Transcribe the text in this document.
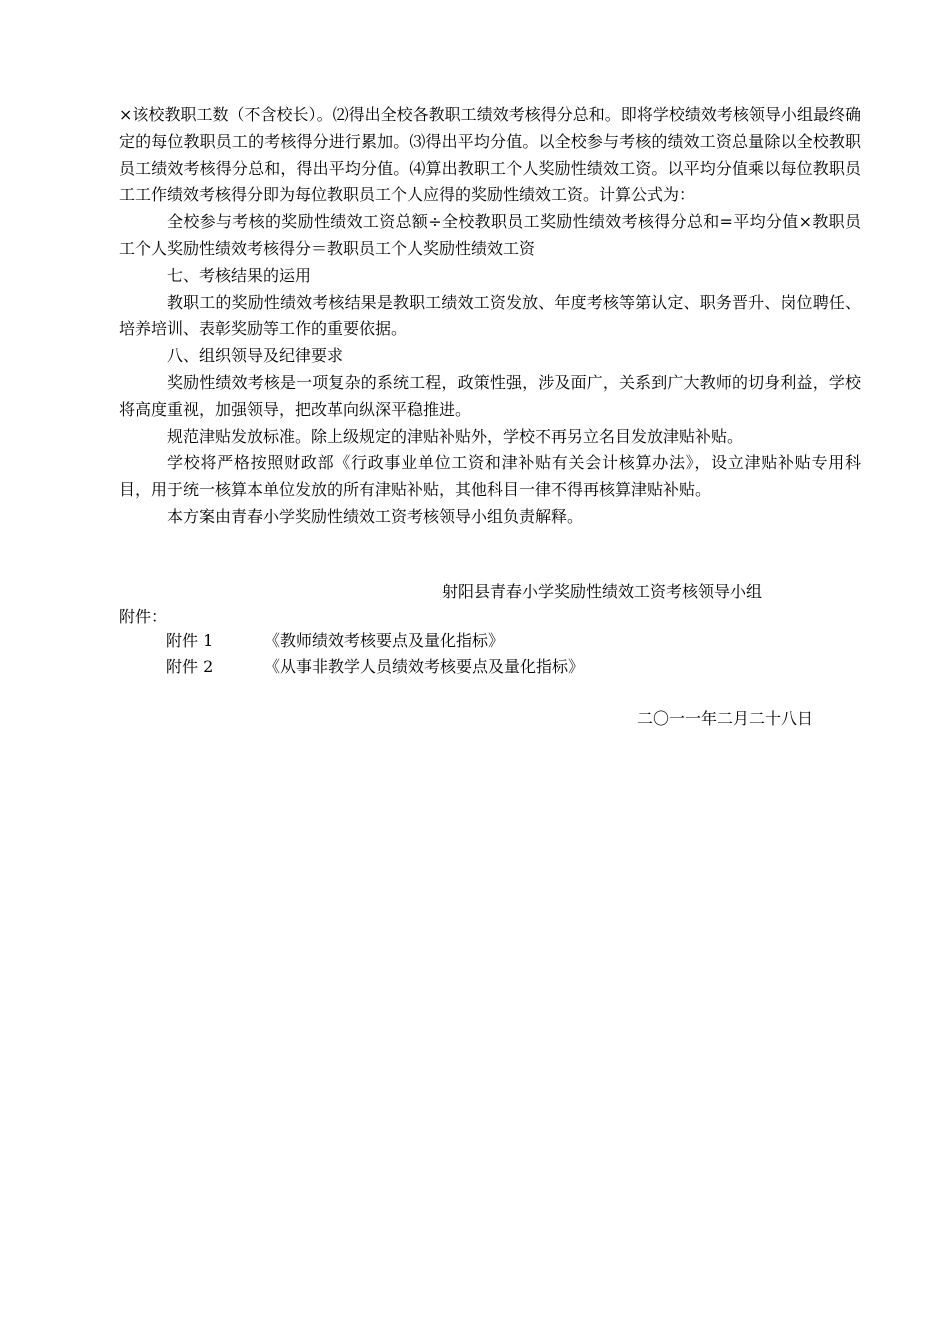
×该校教职工数（不含校长）。⑵得出全校各教职工绩效考核得分总和。即将学校绩效考核领导小组最终确定的每位教职员工的考核得分进行累加。⑶得出平均分值。以全校参与考核的绩效工资总量除以全校教职员工绩效考核得分总和，得出平均分值。⑷算出教职工个人奖励性绩效工资。以平均分值乘以每位教职员工工作绩效考核得分即为每位教职员工个人应得的奖励性绩效工资。计算公式为：

全校参与考核的奖励性绩效工资总额÷全校教职员工奖励性绩效考核得分总和=平均分值×教职员工个人奖励性绩效考核得分＝教职员工个人奖励性绩效工资

七、考核结果的运用

教职工的奖励性绩效考核结果是教职工绩效工资发放、年度考核等第认定、职务晋升、岗位聘任、培养培训、表彰奖励等工作的重要依据。

八、组织领导及纪律要求

奖励性绩效考核是一项复杂的系统工程，政策性强，涉及面广，关系到广大教师的切身利益，学校将高度重视，加强领导，把改革向纵深平稳推进。

规范津贴发放标准。除上级规定的津贴补贴外，学校不再另立名目发放津贴补贴。

学校将严格按照财政部《行政事业单位工资和津补贴有关会计核算办法》，设立津贴补贴专用科目，用于统一核算本单位发放的所有津贴补贴，其他科目一律不得再核算津贴补贴。

本方案由青春小学奖励性绩效工资考核领导小组负责解释。

射阳县青春小学奖励性绩效工资考核领导小组
附件：
附件 1	《教师绩效考核要点及量化指标》
附件 2	《从事非教学人员绩效考核要点及量化指标》
二〇一一年二月二十八日
